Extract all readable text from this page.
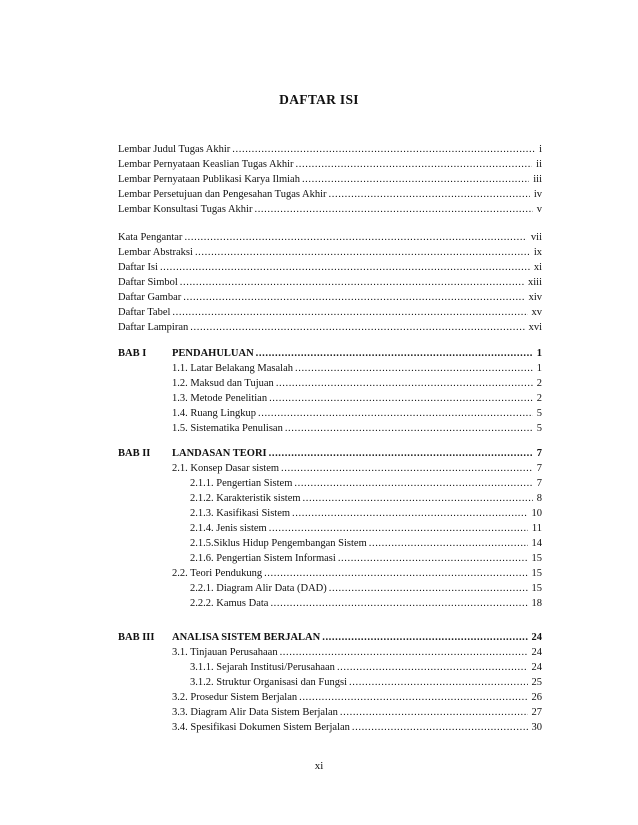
DAFTAR ISI
Lembar Judul Tugas Akhir .....	i
Lembar Pernyataan Keaslian Tugas Akhir .....	ii
Lembar Pernyataan Publikasi Karya Ilmiah .....	iii
Lembar Persetujuan dan Pengesahan Tugas Akhir .....	iv
Lembar Konsultasi Tugas Akhir .....	v
Kata Pengantar .....	vii
Lembar Abstraksi .....	ix
Daftar Isi .....	xi
Daftar Simbol .....	xiii
Daftar Gambar .....	xiv
Daftar Tabel .....	xv
Daftar Lampiran .....	xvi
BAB I	PENDAHULUAN .....	1
1.1. Latar Belakang Masalah .....	1
1.2. Maksud dan Tujuan .....	2
1.3. Metode Penelitian .....	2
1.4. Ruang Lingkup .....	5
1.5. Sistematika Penulisan .....	5
BAB II	LANDASAN TEORI .....	7
2.1. Konsep Dasar sistem .....	7
2.1.1. Pengertian Sistem .....	7
2.1.2. Karakteristik sistem .....	8
2.1.3. Kasifikasi Sistem .....	10
2.1.4. Jenis sistem .....	11
2.1.5.Siklus Hidup Pengembangan Sistem .....	14
2.1.6. Pengertian Sistem Informasi .....	15
2.2. Teori Pendukung .....	15
2.2.1. Diagram Alir Data (DAD) .....	15
2.2.2. Kamus Data .....	18
BAB III	ANALISA SISTEM BERJALAN .....	24
3.1. Tinjauan Perusahaan .....	24
3.1.1. Sejarah Institusi/Perusahaan .....	24
3.1.2. Struktur Organisasi dan Fungsi .....	25
3.2. Prosedur Sistem Berjalan .....	26
3.3. Diagram Alir Data Sistem Berjalan .....	27
3.4. Spesifikasi Dokumen Sistem Berjalan .....	30
xi
